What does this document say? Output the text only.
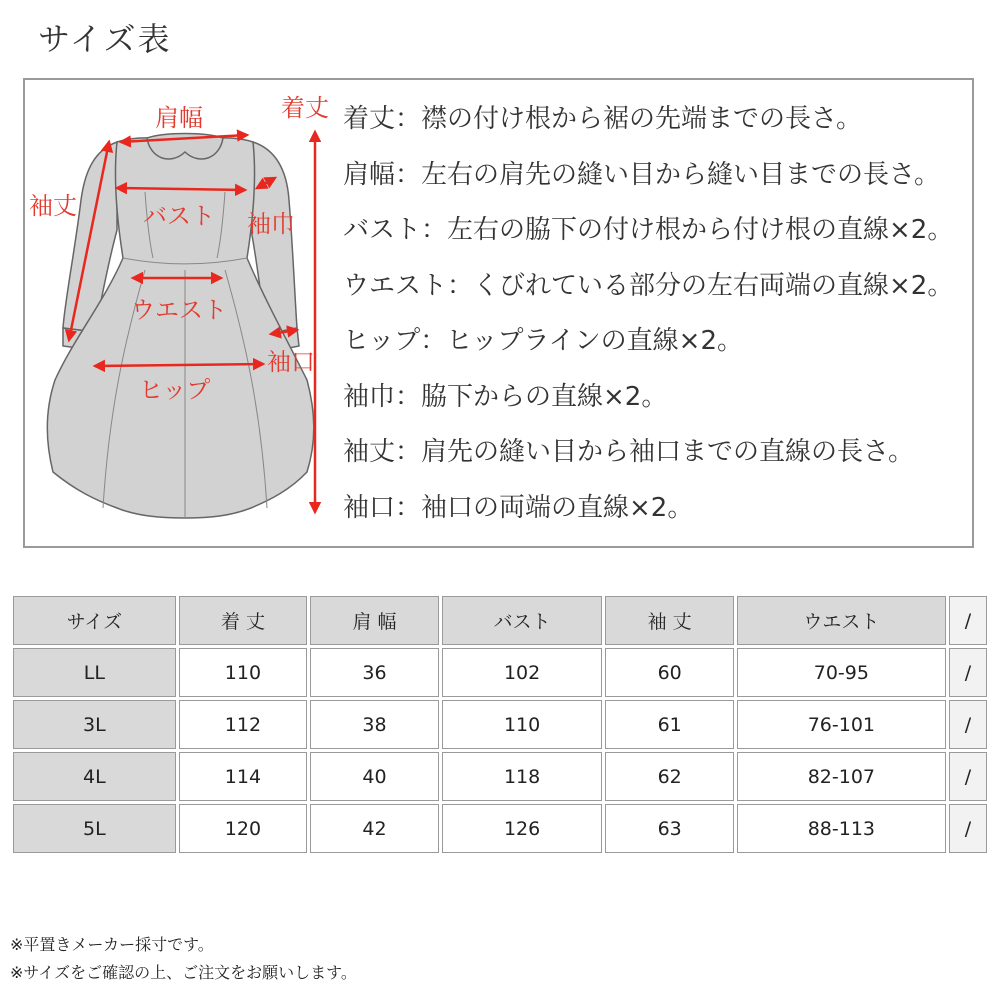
サイズ表
肩幅	着丈
袖丈	バスト 袖巾
ウエスト
袖口
ヒップ
着丈：襟の付け根から裾の先端までの長さ。
肩幅：左右の肩先の縫い目から縫い目までの長さ。
バスト：左右の脇下の付け根から付け根の直線×2。
ウエスト：くびれている部分の左右両端の直線×2。
ヒップ：ヒップラインの直線×2。
袖巾：脇下からの直線×2。
袖丈：肩先の縫い目から袖口までの直線の長さ。
袖口：袖口の両端の直線×2。
サイズ	着 丈	肩 幅	バスト	袖 丈	ウエスト	/
LL	110	36	102	60	70-95	/
3L	112	38	110	61	76-101	/
4L	114	40	118	62	82-107	/
5L	120	42	126	63	88-113	/
※平置きメーカー採寸です。
※サイズをご確認の上、ご注文をお願いします。
